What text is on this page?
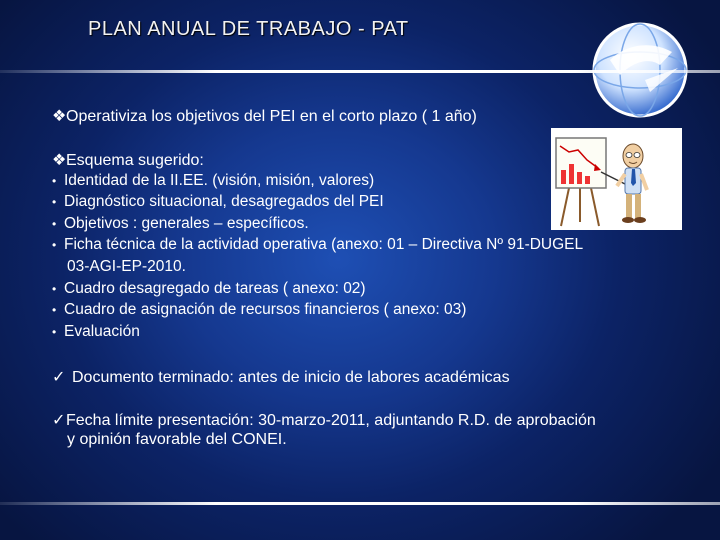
PLAN ANUAL DE TRABAJO - PAT
❖Operativiza los objetivos del PEI en el corto plazo ( 1 año)
❖Esquema sugerido:
• Identidad de la II.EE. (visión, misión, valores)
• Diagnóstico situacional, desagregados del PEI
• Objetivos : generales – específicos.
• Ficha técnica de la actividad operativa (anexo: 01 – Directiva Nº 91-DUGEL
03-AGI-EP-2010.
• Cuadro desagregado de tareas ( anexo: 02)
• Cuadro de asignación de recursos financieros ( anexo: 03)
• Evaluación
✓ Documento terminado: antes de inicio de labores académicas
✓Fecha límite presentación: 30-marzo-2011, adjuntando R.D. de aprobación
y opinión favorable del CONEI.
